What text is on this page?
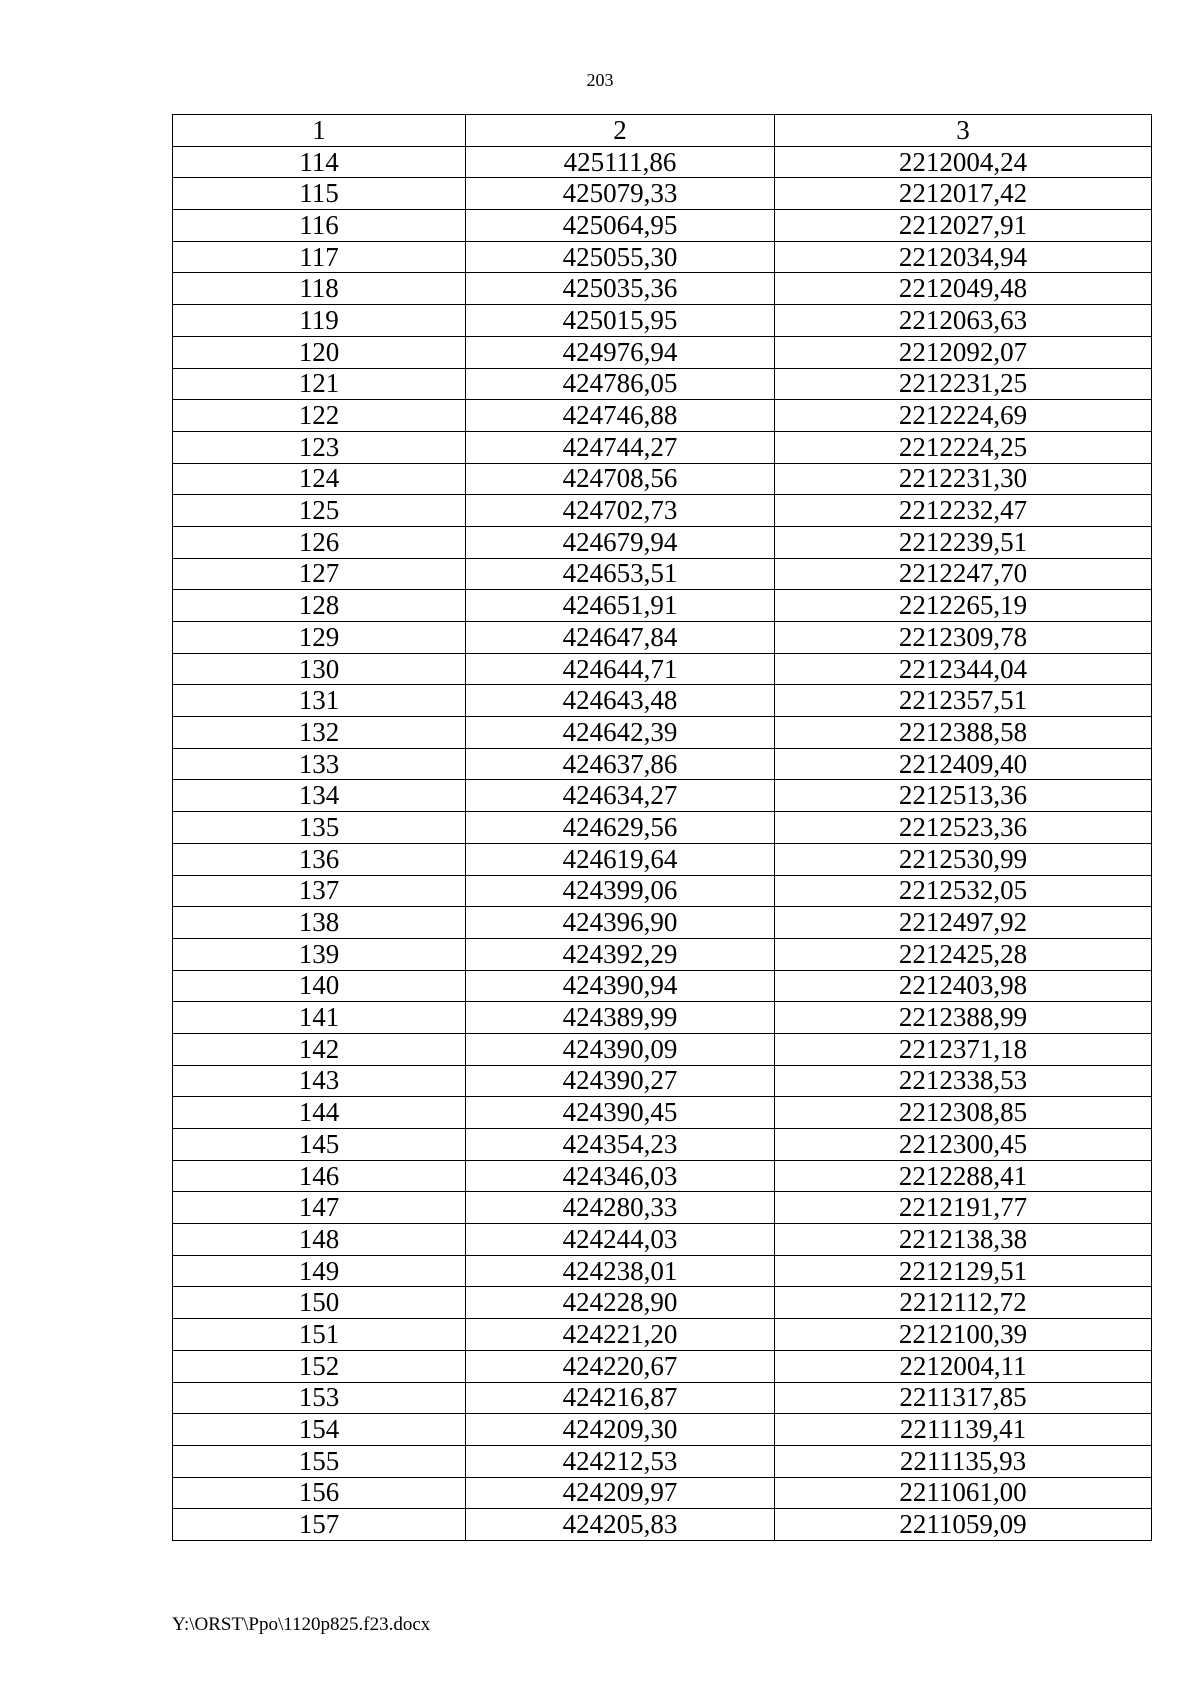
203
1	2	3
114	425111,86	2212004,24
115	425079,33	2212017,42
116	425064,95	2212027,91
117	425055,30	2212034,94
118	425035,36	2212049,48
119	425015,95	2212063,63
120	424976,94	2212092,07
121	424786,05	2212231,25
122	424746,88	2212224,69
123	424744,27	2212224,25
124	424708,56	2212231,30
125	424702,73	2212232,47
126	424679,94	2212239,51
127	424653,51	2212247,70
128	424651,91	2212265,19
129	424647,84	2212309,78
130	424644,71	2212344,04
131	424643,48	2212357,51
132	424642,39	2212388,58
133	424637,86	2212409,40
134	424634,27	2212513,36
135	424629,56	2212523,36
136	424619,64	2212530,99
137	424399,06	2212532,05
138	424396,90	2212497,92
139	424392,29	2212425,28
140	424390,94	2212403,98
141	424389,99	2212388,99
142	424390,09	2212371,18
143	424390,27	2212338,53
144	424390,45	2212308,85
145	424354,23	2212300,45
146	424346,03	2212288,41
147	424280,33	2212191,77
148	424244,03	2212138,38
149	424238,01	2212129,51
150	424228,90	2212112,72
151	424221,20	2212100,39
152	424220,67	2212004,11
153	424216,87	2211317,85
154	424209,30	2211139,41
155	424212,53	2211135,93
156	424209,97	2211061,00
157	424205,83	2211059,09
Y:\ORST\Ppo\1120p825.f23.docx
